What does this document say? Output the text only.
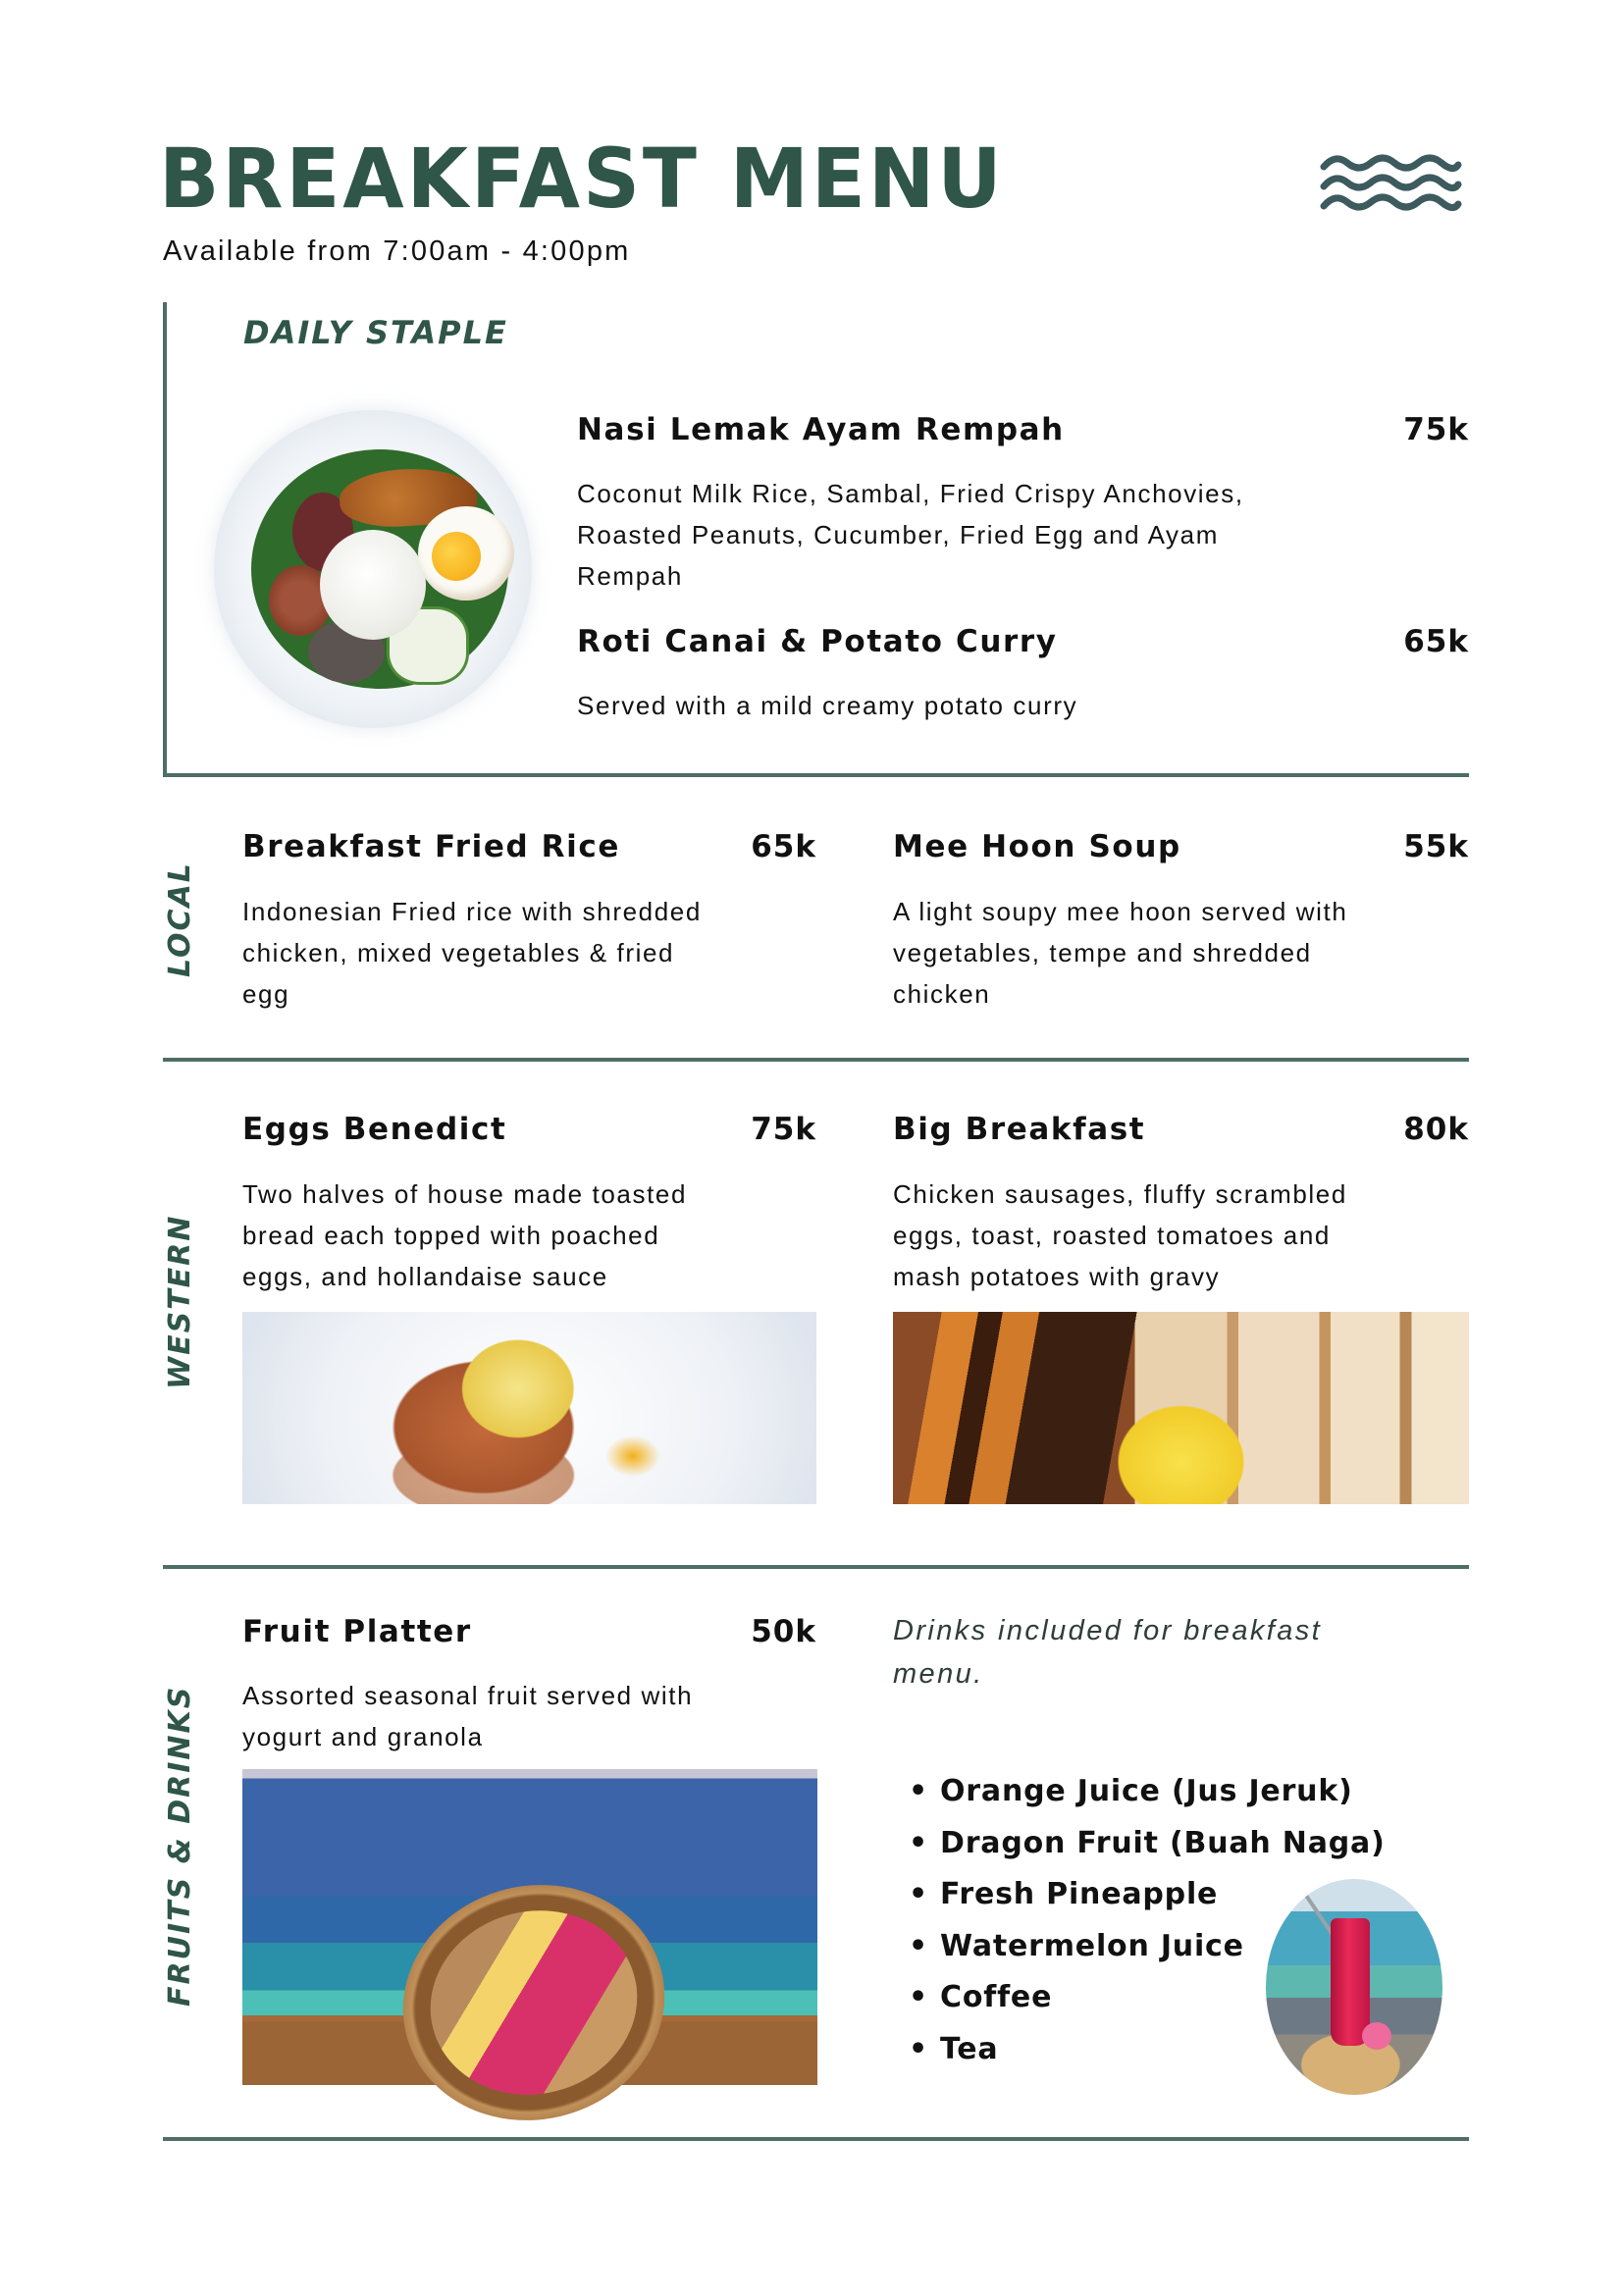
BREAKFAST MENU
Available from 7:00am - 4:00pm
DAILY STAPLE
Nasi Lemak Ayam Rempah	75k
Coconut Milk Rice, Sambal, Fried Crispy Anchovies,
Roasted Peanuts, Cucumber, Fried Egg and Ayam
Rempah
Roti Canai & Potato Curry	65k
Served with a mild creamy potato curry
LOCAL
Breakfast Fried Rice	65k
Indonesian Fried rice with shredded
chicken, mixed vegetables & fried
egg
Mee Hoon Soup	55k
A light soupy mee hoon served with
vegetables, tempe and shredded
chicken
WESTERN
Eggs Benedict	75k
Two halves of house made toasted
bread each topped with poached
eggs, and hollandaise sauce
Big Breakfast	80k
Chicken sausages, fluffy scrambled
eggs, toast, roasted tomatoes and
mash potatoes with gravy
FRUITS & DRINKS
Fruit Platter	50k
Assorted seasonal fruit served with
yogurt and granola
Drinks included for breakfast
menu.
• Orange Juice (Jus Jeruk)
• Dragon Fruit (Buah Naga)
• Fresh Pineapple
• Watermelon Juice
• Coffee
• Tea
